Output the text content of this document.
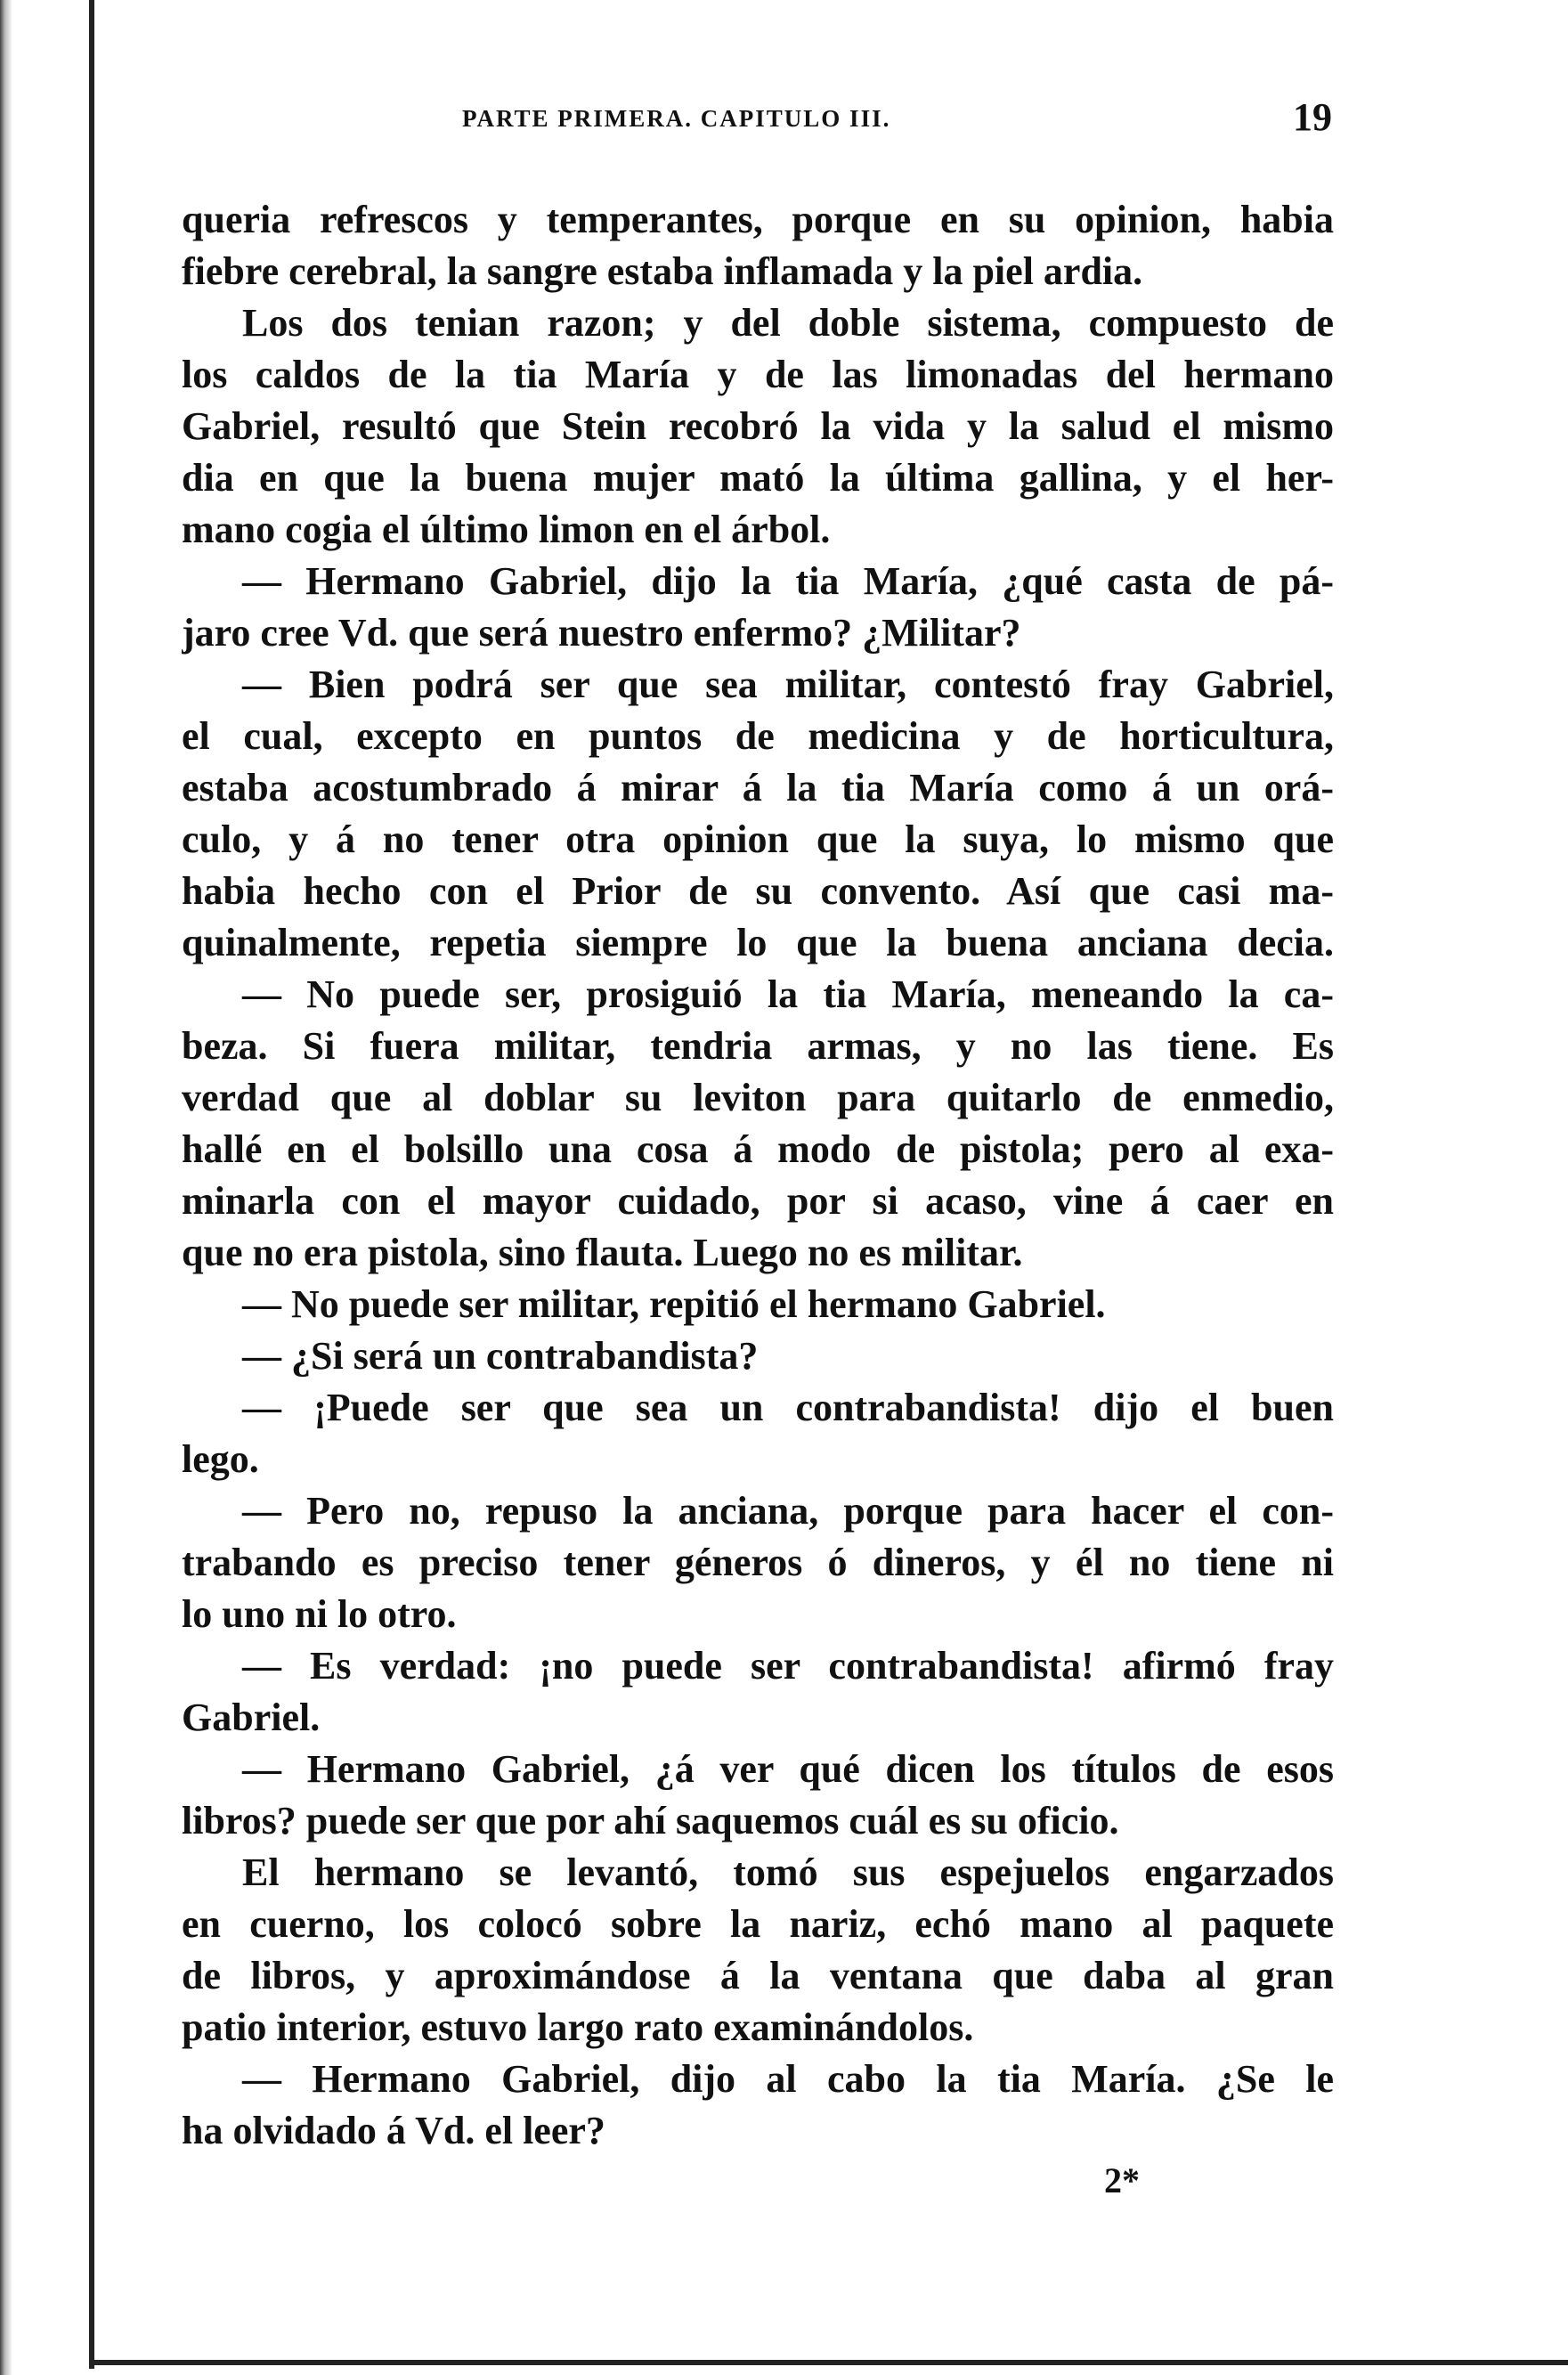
PARTE PRIMERA. CAPITULO III.	19
queria refrescos y temperantes, porque en su opinion, habia
fiebre cerebral, la sangre estaba inflamada y la piel ardia.
Los dos tenian razon; y del doble sistema, compuesto de
los caldos de la tia María y de las limonadas del hermano
Gabriel, resultó que Stein recobró la vida y la salud el mismo
dia en que la buena mujer mató la última gallina, y el her-
mano cogia el último limon en el árbol.
— Hermano Gabriel, dijo la tia María, ¿qué casta de pá-
jaro cree Vd. que será nuestro enfermo? ¿Militar?
— Bien podrá ser que sea militar, contestó fray Gabriel,
el cual, excepto en puntos de medicina y de horticultura,
estaba acostumbrado á mirar á la tia María como á un orá-
culo, y á no tener otra opinion que la suya, lo mismo que
habia hecho con el Prior de su convento. Así que casi ma-
quinalmente, repetia siempre lo que la buena anciana decia.
— No puede ser, prosiguió la tia María, meneando la ca-
beza. Si fuera militar, tendria armas, y no las tiene. Es
verdad que al doblar su leviton para quitarlo de enmedio,
hallé en el bolsillo una cosa á modo de pistola; pero al exa-
minarla con el mayor cuidado, por si acaso, vine á caer en
que no era pistola, sino flauta. Luego no es militar.
— No puede ser militar, repitió el hermano Gabriel.
— ¿Si será un contrabandista?
— ¡Puede ser que sea un contrabandista! dijo el buen
lego.
— Pero no, repuso la anciana, porque para hacer el con-
trabando es preciso tener géneros ó dineros, y él no tiene ni
lo uno ni lo otro.
— Es verdad: ¡no puede ser contrabandista! afirmó fray
Gabriel.
— Hermano Gabriel, ¿á ver qué dicen los títulos de esos
libros? puede ser que por ahí saquemos cuál es su oficio.
El hermano se levantó, tomó sus espejuelos engarzados
en cuerno, los colocó sobre la nariz, echó mano al paquete
de libros, y aproximándose á la ventana que daba al gran
patio interior, estuvo largo rato examinándolos.
— Hermano Gabriel, dijo al cabo la tia María. ¿Se le
ha olvidado á Vd. el leer?
2*
